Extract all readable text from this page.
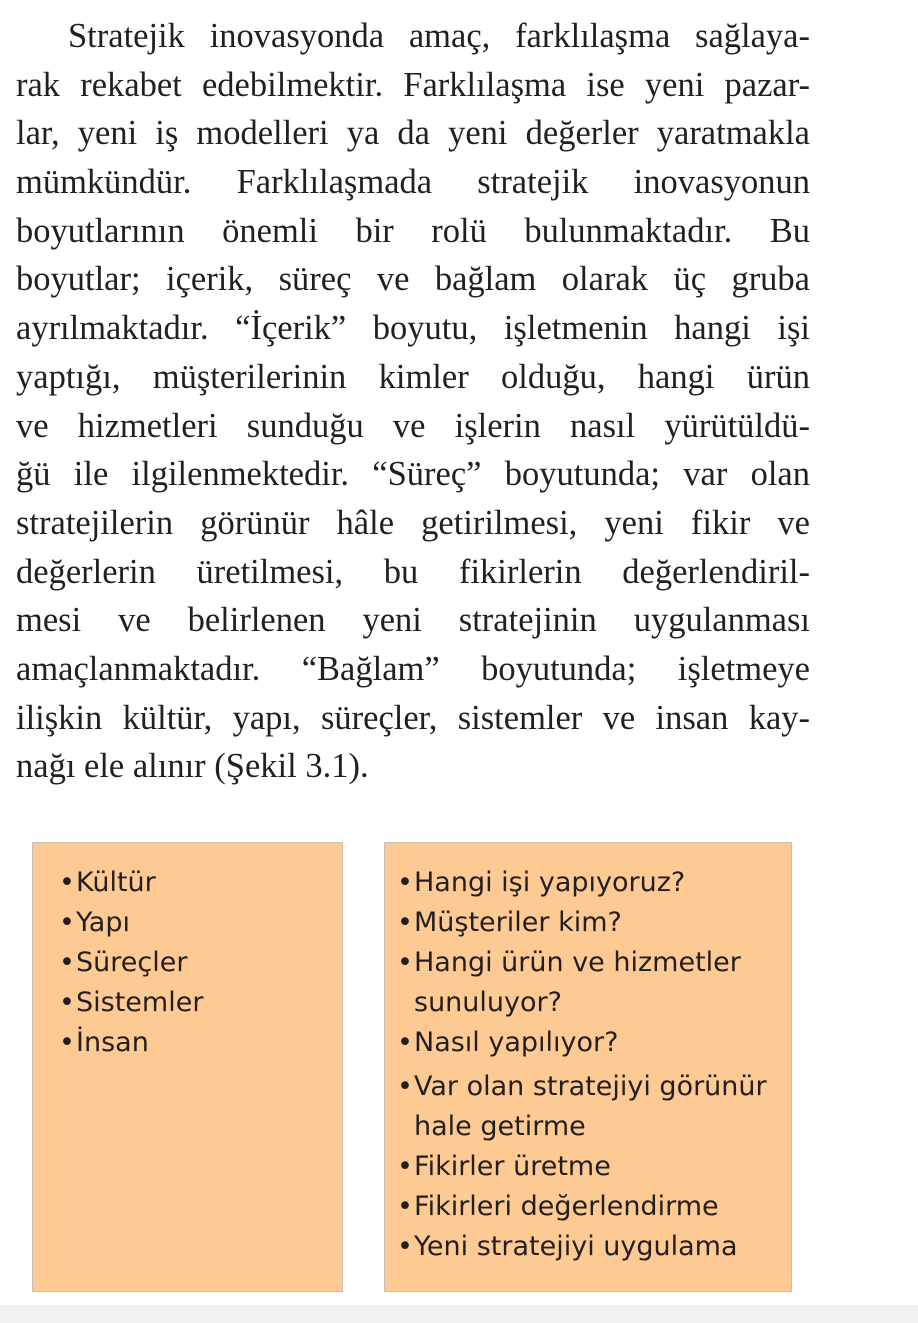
Stratejik inovasyonda amaç, farklılaşma sağlaya-
rak rekabet edebilmektir. Farklılaşma ise yeni pazar-
lar, yeni iş modelleri ya da yeni değerler yaratmakla
mümkündür. Farklılaşmada stratejik inovasyonun
boyutlarının önemli bir rolü bulunmaktadır. Bu
boyutlar; içerik, süreç ve bağlam olarak üç gruba
ayrılmaktadır. “İçerik” boyutu, işletmenin hangi işi
yaptığı, müşterilerinin kimler olduğu, hangi ürün
ve hizmetleri sunduğu ve işlerin nasıl yürütüldü-
ğü ile ilgilenmektedir. “Süreç” boyutunda; var olan
stratejilerin görünür hâle getirilmesi, yeni fikir ve
değerlerin üretilmesi, bu fikirlerin değerlendiril-
mesi ve belirlenen yeni stratejinin uygulanması
amaçlanmaktadır. “Bağlam” boyutunda; işletmeye
ilişkin kültür, yapı, süreçler, sistemler ve insan kay-
nağı ele alınır (Şekil 3.1).
• Kültür
• Yapı
• Süreçler
• Sistemler
• İnsan
• Hangi işi yapıyoruz?
• Müşteriler kim?
• Hangi ürün ve hizmetler
sunuluyor?
• Nasıl yapılıyor?
• Var olan stratejiyi görünür
hale getirme
• Fikirler üretme
• Fikirleri değerlendirme
• Yeni stratejiyi uygulama
